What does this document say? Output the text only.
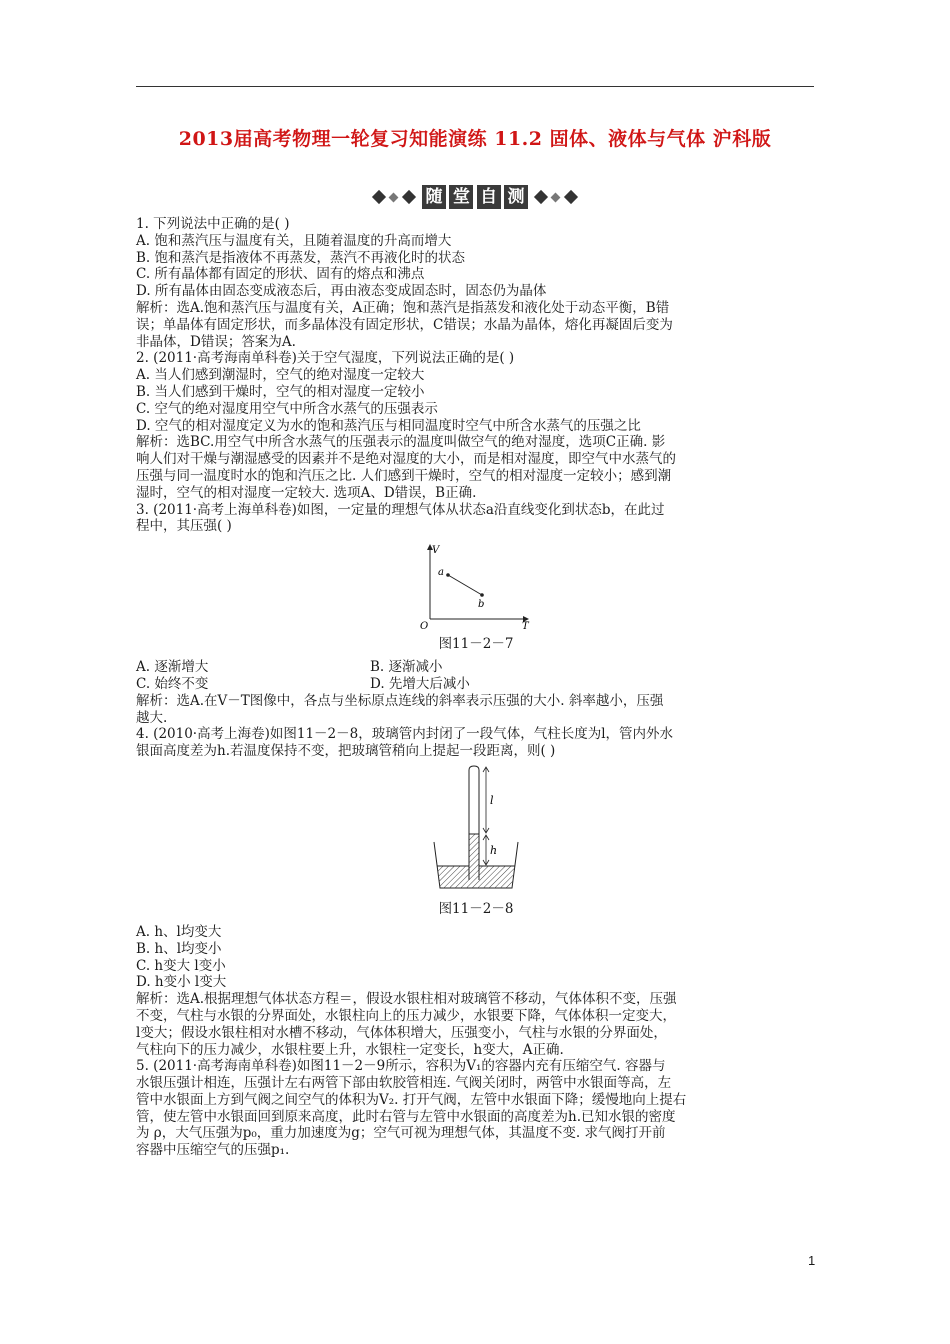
2013届高考物理一轮复习知能演练 11.2 固体、液体与气体 沪科版
随 堂 自 测
1. 下列说法中正确的是( )
A. 饱和蒸汽压与温度有关，且随着温度的升高而增大
B. 饱和蒸汽是指液体不再蒸发，蒸汽不再液化时的状态
C. 所有晶体都有固定的形状、固有的熔点和沸点
D. 所有晶体由固态变成液态后，再由液态变成固态时，固态仍为晶体
解析：选A.饱和蒸汽压与温度有关，A正确；饱和蒸汽是指蒸发和液化处于动态平衡，B错
误；单晶体有固定形状，而多晶体没有固定形状，C错误；水晶为晶体，熔化再凝固后变为
非晶体，D错误；答案为A.
2. (2011·高考海南单科卷)关于空气湿度，下列说法正确的是( )
A. 当人们感到潮湿时，空气的绝对湿度一定较大
B. 当人们感到干燥时，空气的相对湿度一定较小
C. 空气的绝对湿度用空气中所含水蒸气的压强表示
D. 空气的相对湿度定义为水的饱和蒸汽压与相同温度时空气中所含水蒸气的压强之比
解析：选BC.用空气中所含水蒸气的压强表示的温度叫做空气的绝对湿度，选项C正确. 影
响人们对干燥与潮湿感受的因素并不是绝对湿度的大小，而是相对湿度，即空气中水蒸气的
压强与同一温度时水的饱和汽压之比. 人们感到干燥时，空气的相对湿度一定较小；感到潮
湿时，空气的相对湿度一定较大. 选项A、D错误，B正确.
3. (2011·高考上海单科卷)如图，一定量的理想气体从状态a沿直线变化到状态b，在此过
程中，其压强( )
V
T
O
a
b
图11－2－7
A. 逐渐增大	B. 逐渐减小
C. 始终不变	D. 先增大后减小
解析：选A.在V－T图像中，各点与坐标原点连线的斜率表示压强的大小. 斜率越小，压强
越大.
4. (2010·高考上海卷)如图11－2－8，玻璃管内封闭了一段气体，气柱长度为l，管内外水
银面高度差为h.若温度保持不变，把玻璃管稍向上提起一段距离，则( )
l
h
图11－2－8
A. h、l均变大
B. h、l均变小
C. h变大 l变小
D. h变小 l变大
解析：选A.根据理想气体状态方程＝，假设水银柱相对玻璃管不移动，气体体积不变，压强
不变，气柱与水银的分界面处，水银柱向上的压力减少，水银要下降，气体体积一定变大，
l变大；假设水银柱相对水槽不移动，气体体积增大，压强变小，气柱与水银的分界面处，
气柱向下的压力减少，水银柱要上升，水银柱一定变长，h变大，A正确.
5. (2011·高考海南单科卷)如图11－2－9所示，容积为V₁的容器内充有压缩空气. 容器与
水银压强计相连，压强计左右两管下部由软胶管相连. 气阀关闭时，两管中水银面等高，左
管中水银面上方到气阀之间空气的体积为V₂. 打开气阀，左管中水银面下降；缓慢地向上提右
管，使左管中水银面回到原来高度，此时右管与左管中水银面的高度差为h.已知水银的密度
为 ρ，大气压强为p₀，重力加速度为g；空气可视为理想气体，其温度不变. 求气阀打开前
容器中压缩空气的压强p₁.
1
